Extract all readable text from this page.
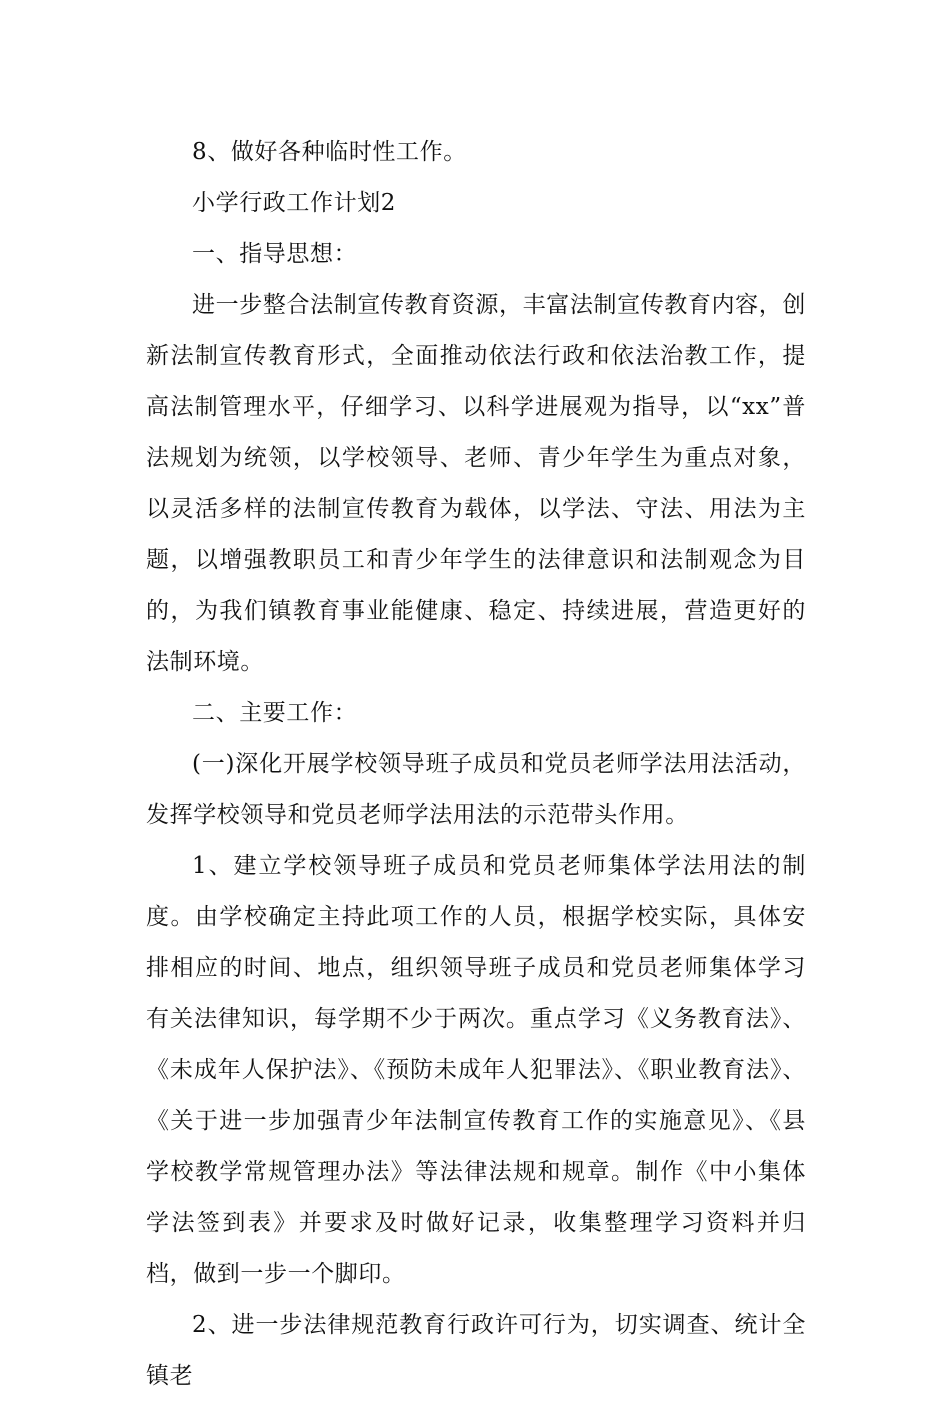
8、做好各种临时性工作。

小学行政工作计划2

一、指导思想：

进一步整合法制宣传教育资源，丰富法制宣传教育内容，创新法制宣传教育形式，全面推动依法行政和依法治教工作，提高法制管理水平，仔细学习、以科学进展观为指导，以“xx”普法规划为统领，以学校领导、老师、青少年学生为重点对象，以灵活多样的法制宣传教育为载体，以学法、守法、用法为主题，以增强教职员工和青少年学生的法律意识和法制观念为目的，为我们镇教育事业能健康、稳定、持续进展，营造更好的法制环境。

二、主要工作：

(一)深化开展学校领导班子成员和党员老师学法用法活动，发挥学校领导和党员老师学法用法的示范带头作用。

1、建立学校领导班子成员和党员老师集体学法用法的制度。由学校确定主持此项工作的人员，根据学校实际，具体安排相应的时间、地点，组织领导班子成员和党员老师集体学习有关法律知识，每学期不少于两次。重点学习《义务教育法》、《未成年人保护法》、《预防未成年人犯罪法》、《职业教育法》、《关于进一步加强青少年法制宣传教育工作的实施意见》、《县学校教学常规管理办法》等法律法规和规章。制作《中小集体学法签到表》并要求及时做好记录，收集整理学习资料并归档，做到一步一个脚印。

2、进一步法律规范教育行政许可行为，切实调查、统计全镇老
